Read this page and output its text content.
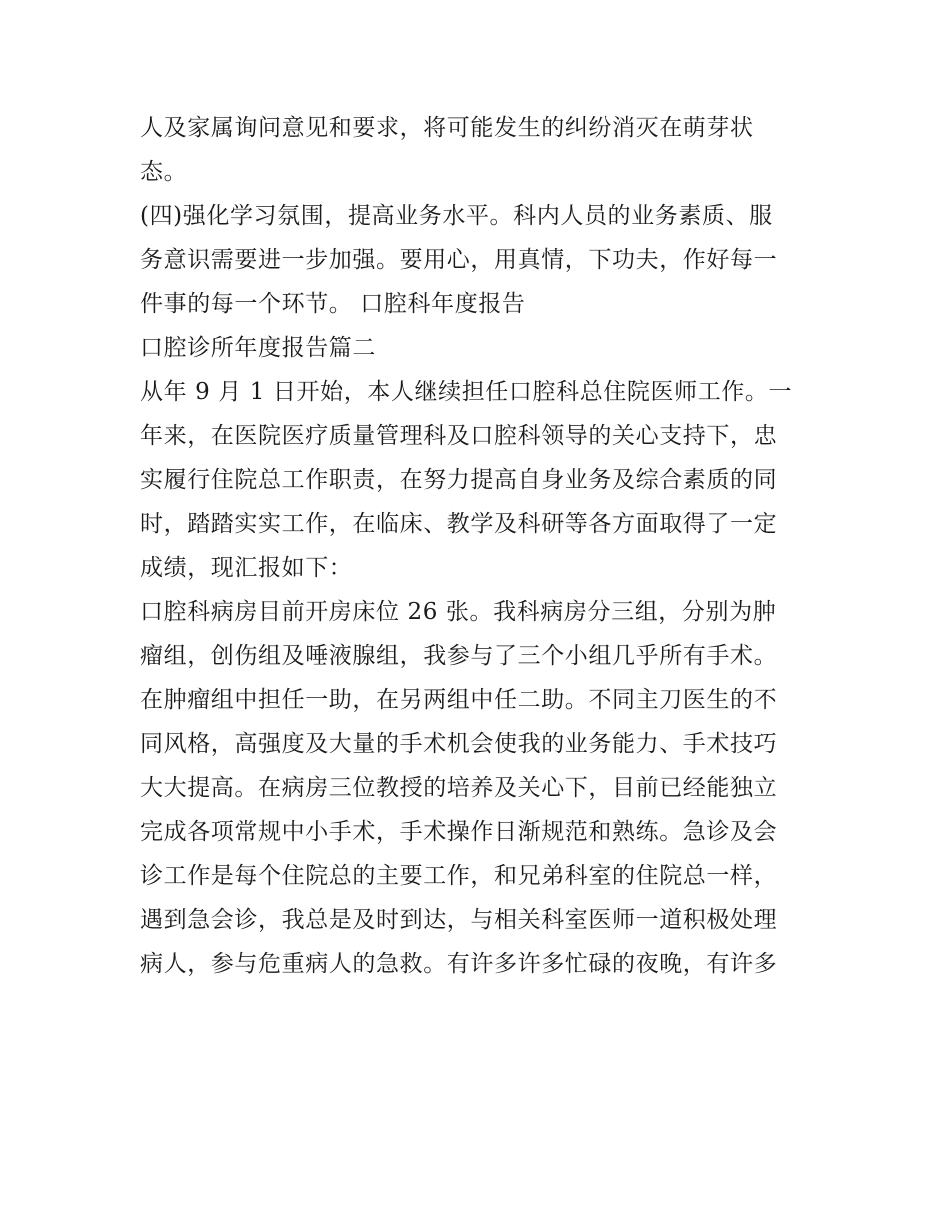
人及家属询问意见和要求，将可能发生的纠纷消灭在萌芽状
态。
(四)强化学习氛围，提高业务水平。科内人员的业务素质、服
务意识需要进一步加强。要用心，用真情，下功夫，作好每一
件事的每一个环节。 口腔科年度报告
口腔诊所年度报告篇二
从年 9 月 1 日开始，本人继续担任口腔科总住院医师工作。一
年来，在医院医疗质量管理科及口腔科领导的关心支持下，忠
实履行住院总工作职责，在努力提高自身业务及综合素质的同
时，踏踏实实工作，在临床、教学及科研等各方面取得了一定
成绩，现汇报如下：
口腔科病房目前开房床位 26 张。我科病房分三组，分别为肿
瘤组，创伤组及唾液腺组，我参与了三个小组几乎所有手术。
在肿瘤组中担任一助，在另两组中任二助。不同主刀医生的不
同风格，高强度及大量的手术机会使我的业务能力、手术技巧
大大提高。在病房三位教授的培养及关心下，目前已经能独立
完成各项常规中小手术，手术操作日渐规范和熟练。急诊及会
诊工作是每个住院总的主要工作，和兄弟科室的住院总一样，
遇到急会诊，我总是及时到达，与相关科室医师一道积极处理
病人，参与危重病人的急救。有许多许多忙碌的夜晚，有许多
